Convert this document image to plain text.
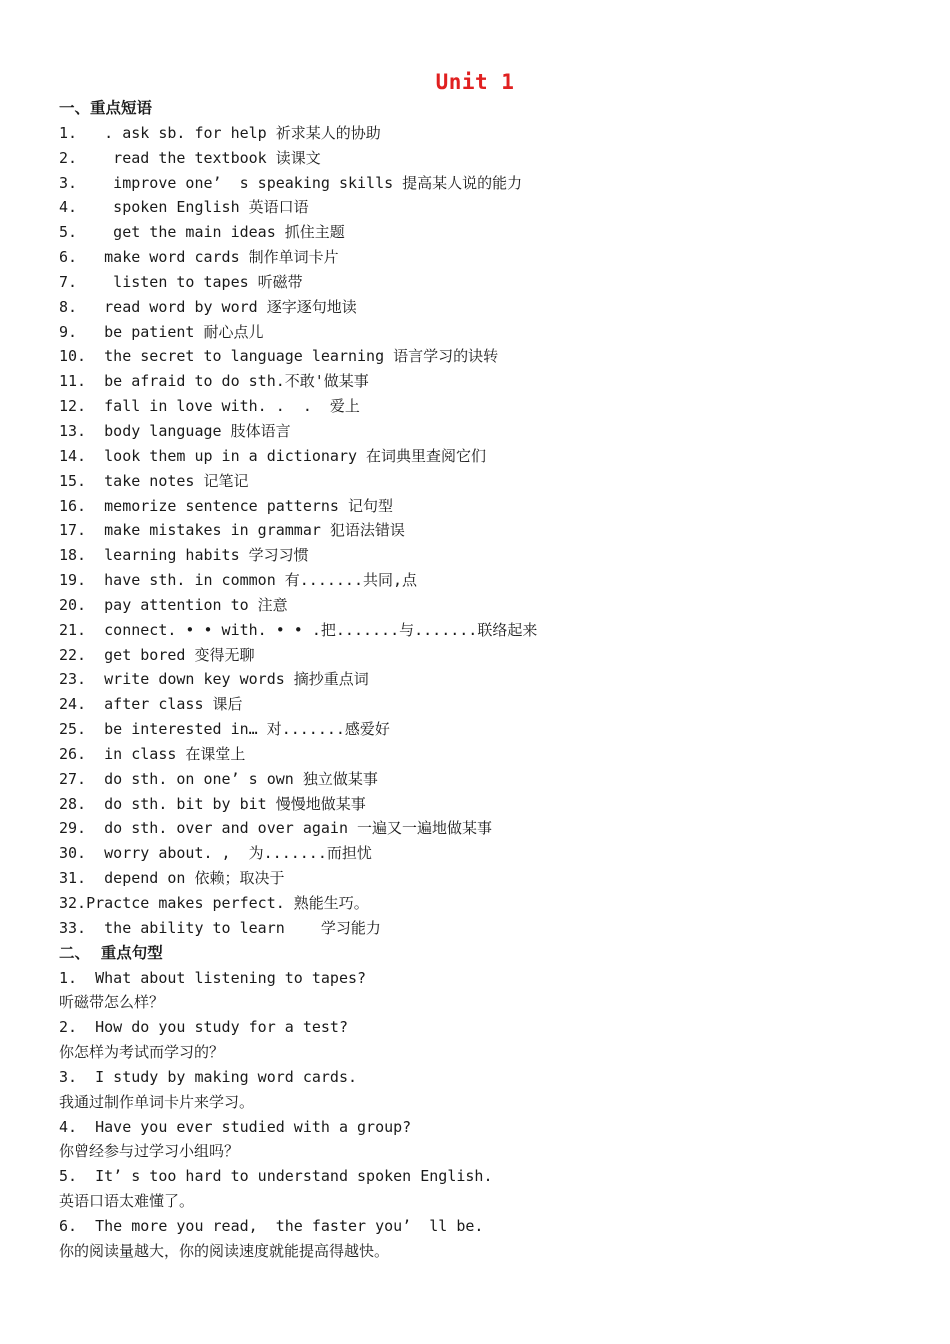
Unit 1
一、重点短语
1.   . ask sb. for help 祈求某人的协助
2.    read the textbook 读课文
3.    improve one’  s speaking skills 提高某人说的能力
4.    spoken English 英语口语
5.    get the main ideas 抓住主题
6.   make word cards 制作单词卡片
7.    listen to tapes 听磁带
8.   read word by word 逐字逐句地读
9.   be patient 耐心点儿
10.  the secret to language learning 语言学习的诀转
11.  be afraid to do sth.不敢'做某事
12.  fall in love with. .  .  爱上
13.  body language 肢体语言
14.  look them up in a dictionary 在词典里查阅它们
15.  take notes 记笔记
16.  memorize sentence patterns 记句型
17.  make mistakes in grammar 犯语法错误
18.  learning habits 学习习惯
19.  have sth. in common 有.......共同,点
20.  pay attention to 注意
21.  connect. • • with. • • .把.......与.......联络起来
22.  get bored 变得无聊
23.  write down key words 摘抄重点词
24.  after class 课后
25.  be interested in… 对.......感爱好
26.  in class 在课堂上
27.  do sth. on one’ s own 独立做某事
28.  do sth. bit by bit 慢慢地做某事
29.  do sth. over and over again 一遍又一遍地做某事
30.  worry about. ,  为.......而担忧
31.  depend on 依赖；取决于
32.Practce makes perfect. 熟能生巧。
33.  the ability to learn    学习能力
二、  重点句型
1.  What about listening to tapes?
听磁带怎么样？
2.  How do you study for a test?
你怎样为考试而学习的？
3.  I study by making word cards.
我通过制作单词卡片来学习。
4.  Have you ever studied with a group?
你曾经参与过学习小组吗？
5.  It’ s too hard to understand spoken English.
英语口语太难懂了。
6.  The more you read,  the faster you’  ll be.
你的阅读量越大，你的阅读速度就能提高得越快。
